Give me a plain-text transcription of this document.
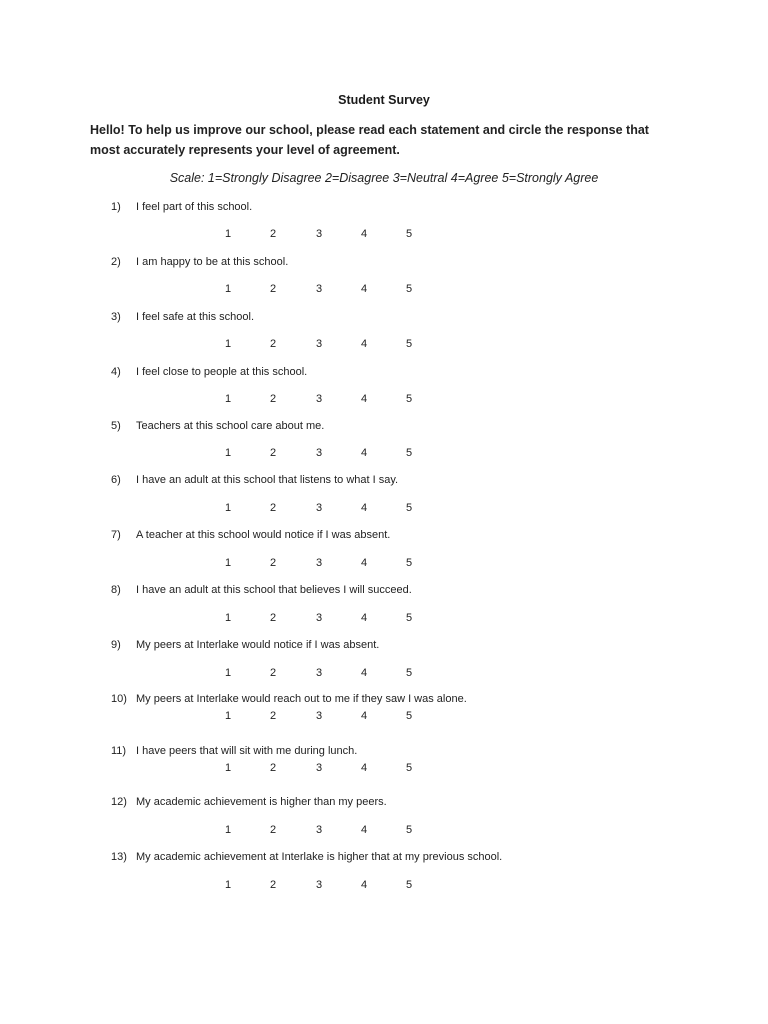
Student Survey
Hello! To help us improve our school, please read each statement and circle the response that most accurately represents your level of agreement.
Scale: 1=Strongly Disagree 2=Disagree 3=Neutral 4=Agree 5=Strongly Agree
1) I feel part of this school.
1	2	3	4	5
2) I am happy to be at this school.
1	2	3	4	5
3) I feel safe at this school.
1	2	3	4	5
4) I feel close to people at this school.
1	2	3	4	5
5) Teachers at this school care about me.
1	2	3	4	5
6) I have an adult at this school that listens to what I say.
1	2	3	4	5
7) A teacher at this school would notice if I was absent.
1	2	3	4	5
8) I have an adult at this school that believes I will succeed.
1	2	3	4	5
9) My peers at Interlake would notice if I was absent.
1	2	3	4	5
10) My peers at Interlake would reach out to me if they saw I was alone.
1	2	3	4	5
11) I have peers that will sit with me during lunch.
1	2	3	4	5
12) My academic achievement is higher than my peers.
1	2	3	4	5
13) My academic achievement at Interlake is higher that at my previous school.
1	2	3	4	5
